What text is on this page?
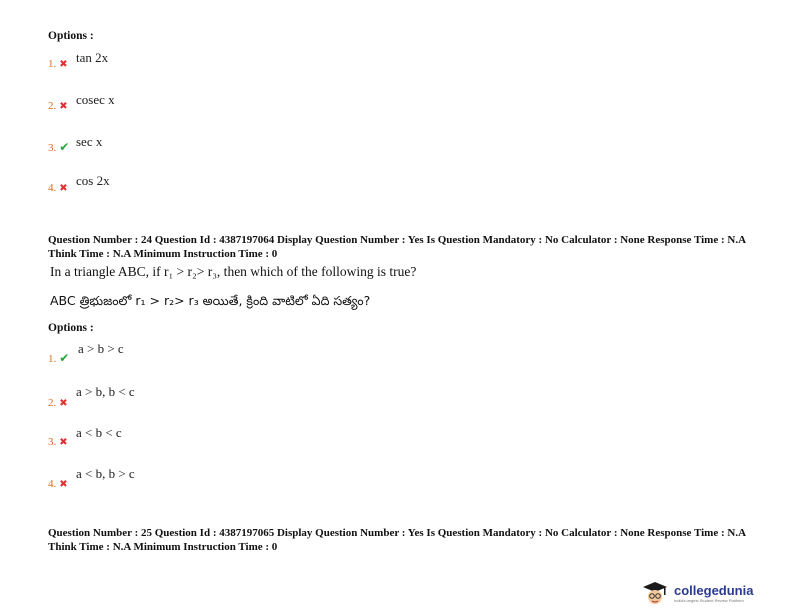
Options :
1. ✖ tan 2x
2. ✖ cosec x
3. ✔ sec x
4. ✖
cos 2x
Question Number : 24 Question Id : 4387197064 Display Question Number : Yes Is Question Mandatory : No Calculator : None Response Time : N.A Think Time : N.A Minimum Instruction Time : 0
In a triangle ABC, if r₁ > r₂> r₃, then which of the following is true?
ABC త్రిభుజంలో r₁ > r₂> r₃ అయితే, క్రింది వాటిలో ఏది సత్యం?
Options :
1. ✔
a > b > c
2. ✖
a > b, b < c
3. ✖
a < b < c
4. ✖
a < b, b > c
Question Number : 25 Question Id : 4387197065 Display Question Number : Yes Is Question Mandatory : No Calculator : None Response Time : N.A Think Time : N.A Minimum Instruction Time : 0
collegedunia
India's largest Student Review Platform
